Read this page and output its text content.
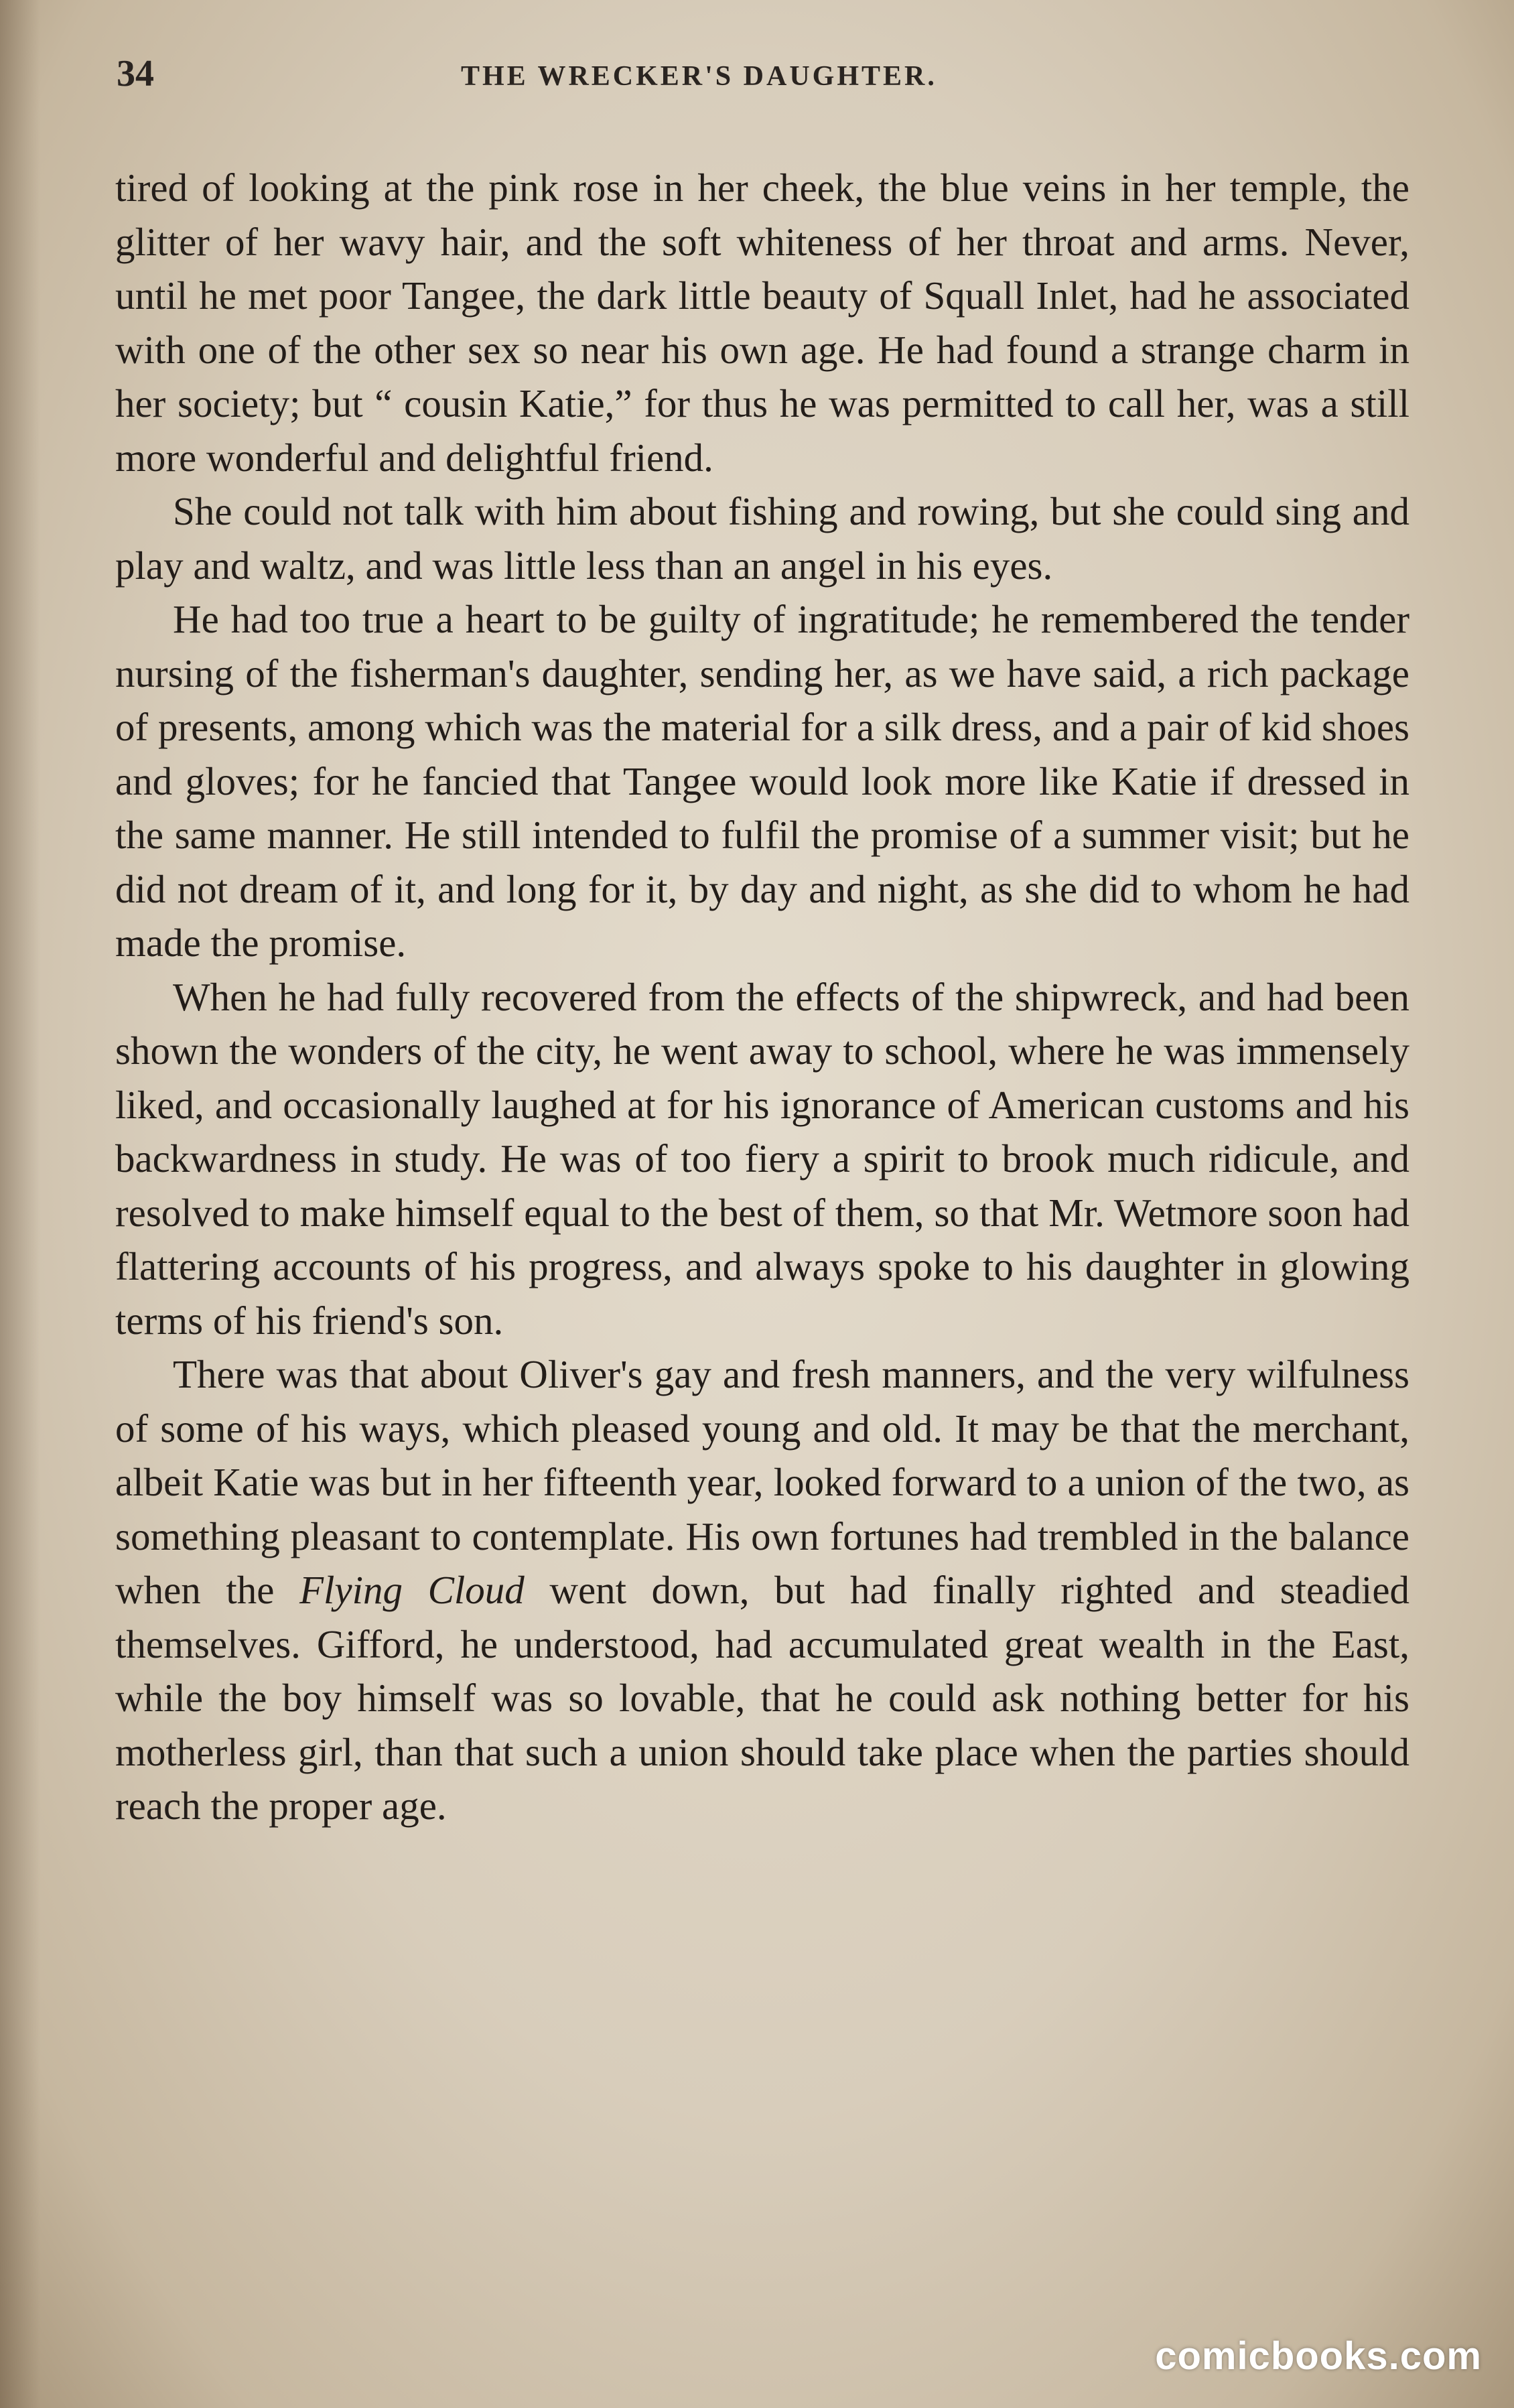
34	THE WRECKER'S DAUGHTER.

tired of looking at the pink rose in her cheek, the blue veins in her temple, the glitter of her wavy hair, and the soft whiteness of her throat and arms. Never, until he met poor Tangee, the dark little beauty of Squall Inlet, had he associated with one of the other sex so near his own age. He had found a strange charm in her society; but “ cousin Katie,” for thus he was permitted to call her, was a still more wonderful and delightful friend.

She could not talk with him about fishing and rowing, but she could sing and play and waltz, and was little less than an angel in his eyes.

He had too true a heart to be guilty of ingratitude; he remembered the tender nursing of the fisherman's daughter, sending her, as we have said, a rich package of presents, among which was the material for a silk dress, and a pair of kid shoes and gloves; for he fancied that Tangee would look more like Katie if dressed in the same manner. He still intended to fulfil the promise of a summer visit; but he did not dream of it, and long for it, by day and night, as she did to whom he had made the promise.

When he had fully recovered from the effects of the shipwreck, and had been shown the wonders of the city, he went away to school, where he was immensely liked, and occasionally laughed at for his ignorance of American customs and his backwardness in study. He was of too fiery a spirit to brook much ridicule, and resolved to make himself equal to the best of them, so that Mr. Wetmore soon had flattering accounts of his progress, and always spoke to his daughter in glowing terms of his friend's son.

There was that about Oliver's gay and fresh manners, and the very wilfulness of some of his ways, which pleased young and old. It may be that the merchant, albeit Katie was but in her fifteenth year, looked forward to a union of the two, as something pleasant to contemplate. His own fortunes had trembled in the balance when the Flying Cloud went down, but had finally righted and steadied themselves. Gifford, he understood, had accumulated great wealth in the East, while the boy himself was so lovable, that he could ask nothing better for his motherless girl, than that such a union should take place when the parties should reach the proper age.

comicbooks.com
